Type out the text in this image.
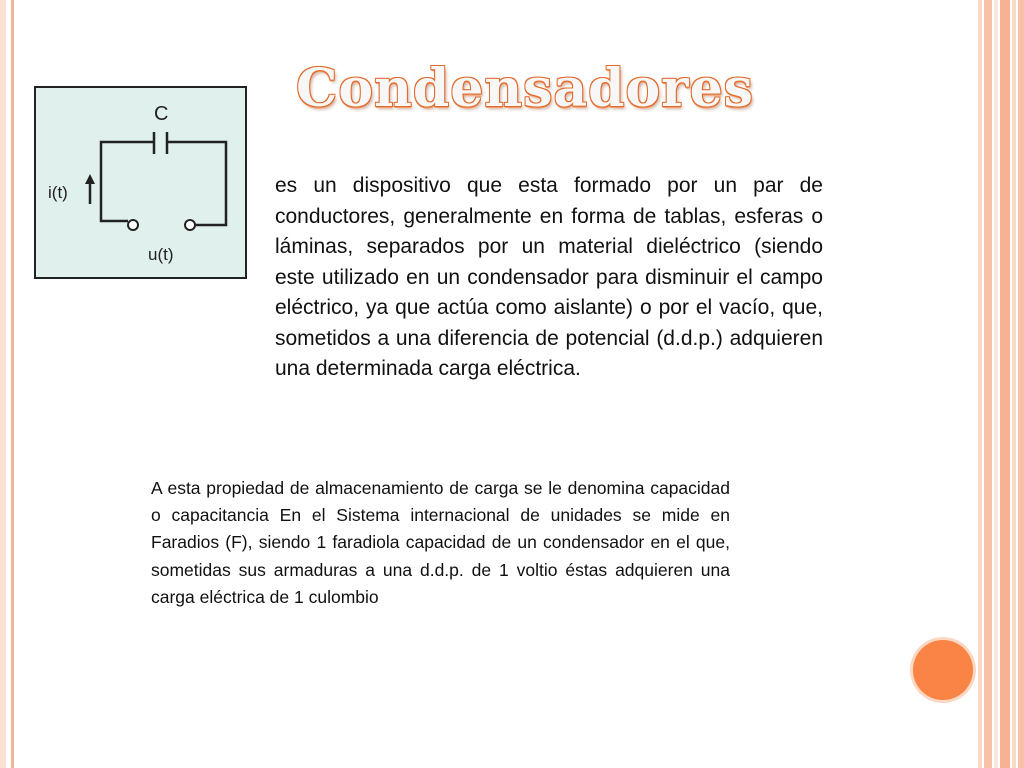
Condensadores
C
i(t)
u(t)
es un dispositivo que esta formado por un par de conductores, generalmente en forma de tablas, esferas o láminas, separados por un material dieléctrico (siendo este utilizado en un condensador para disminuir el campo eléctrico, ya que actúa como aislante) o por el vacío, que, sometidos a una diferencia de potencial (d.d.p.) adquieren una determinada carga eléctrica.
A esta propiedad de almacenamiento de carga se le denomina capacidad o capacitancia En el Sistema internacional de unidades se mide en Faradios (F), siendo 1 faradiola capacidad de un condensador en el que, sometidas sus armaduras a una d.d.p. de 1 voltio éstas adquieren una carga eléctrica de 1 culombio
